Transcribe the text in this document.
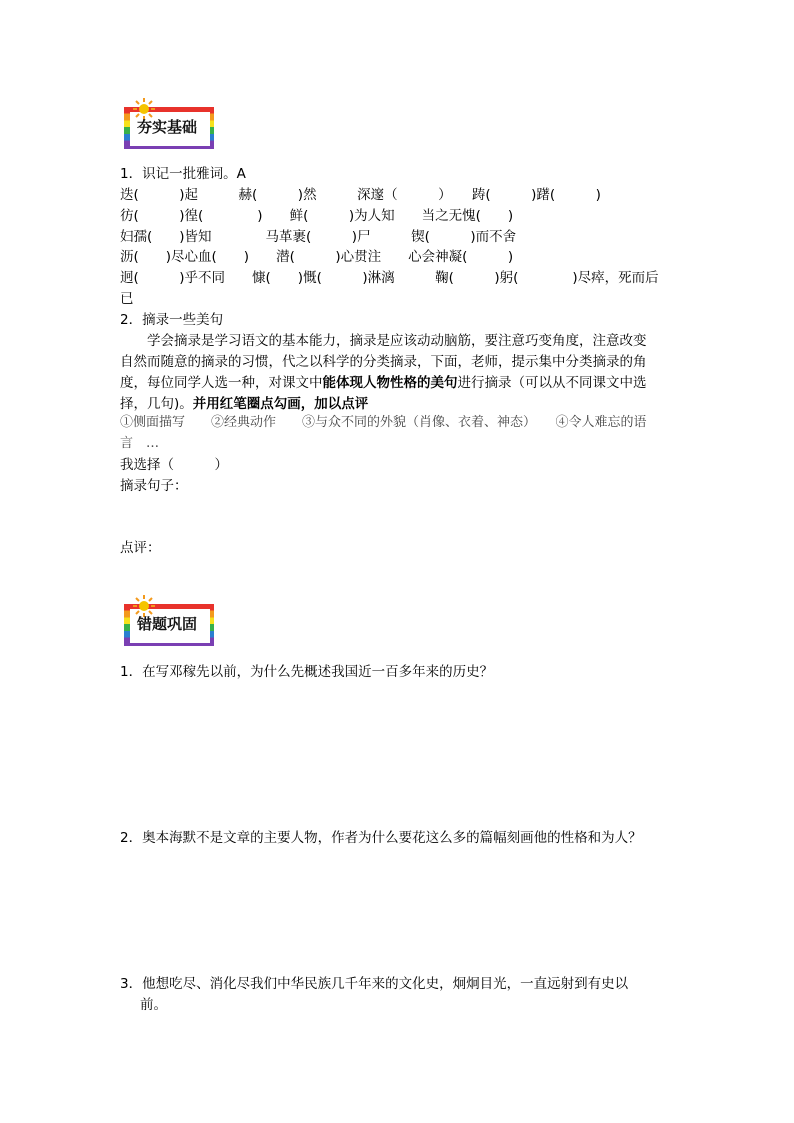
夯实基础
1．识记一批雅词。A
迭(　　　)起　　　赫(　　　)然　　　深邃（　　　）　　踌(　　　)躇(　　　)
彷(　　　)徨(　　　　)　　鲜(　　　)为人知　　当之无愧(　　)
妇孺(　　)皆知　　　　马革裹(　　　)尸　　　锲(　　　)而不舍
沥(　　)尽心血(　　)　　潜(　　　)心贯注　　心会神凝(　　　)
迥(　　　)乎不同　　慷(　　)慨(　　　)淋漓　　　鞠(　　　)躬(　　　　)尽瘁，死而后
已
2．摘录一些美句
学会摘录是学习语文的基本能力，摘录是应该动动脑筋，要注意巧变角度，注意改变
自然而随意的摘录的习惯，代之以科学的分类摘录，下面，老师，提示集中分类摘录的角
度，每位同学人选一种，对课文中能体现人物性格的美句进行摘录（可以从不同课文中选
择，几句)。并用红笔圈点勾画，加以点评
①侧面描写　　②经典动作　　③与众不同的外貌（肖像、衣着、神态）　　④令人难忘的语
言　…
我选择（　　　）
摘录句子：
点评：
错题巩固
1．在写邓稼先以前，为什么先概述我国近一百多年来的历史？
2．奥本海默不是文章的主要人物，作者为什么要花这么多的篇幅刻画他的性格和为人？
3．他想吃尽、消化尽我们中华民族几千年来的文化史，炯炯目光，一直远射到有史以
前。
